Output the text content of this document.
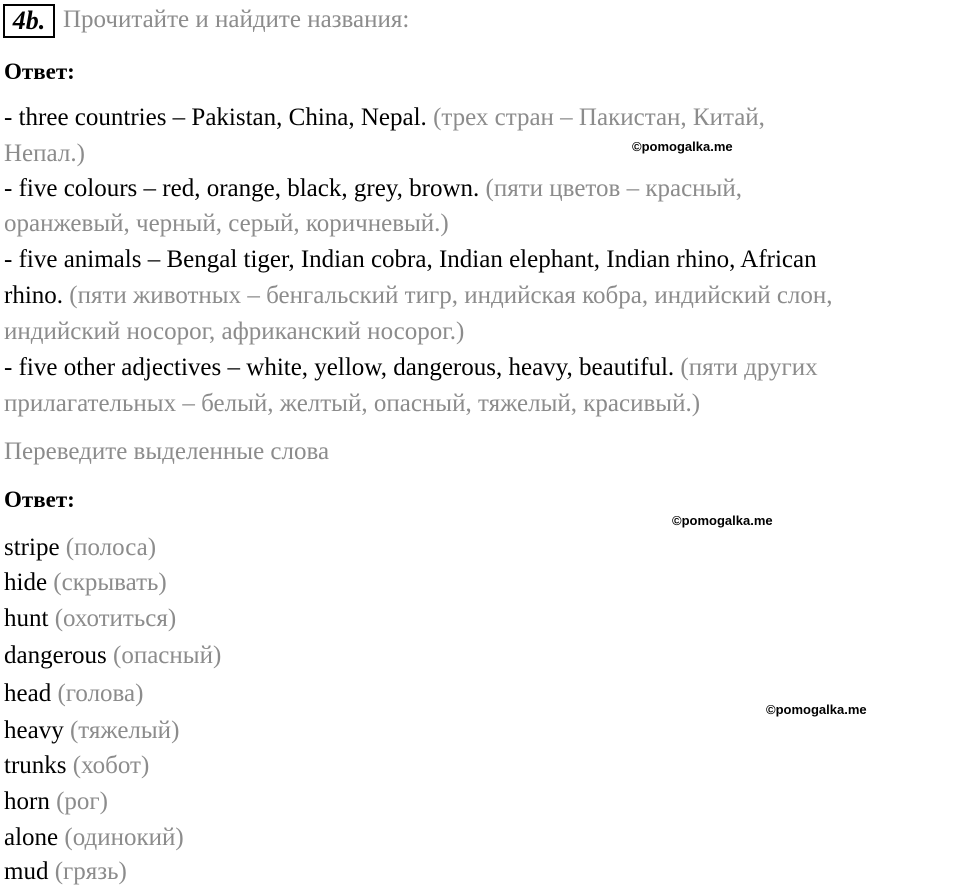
4b. Прочитайте и найдите названия:
Ответ:
- three countries – Pakistan, China, Nepal. (трех стран – Пакистан, Китай,
Непал.)
- five colours – red, orange, black, grey, brown. (пяти цветов – красный,
оранжевый, черный, серый, коричневый.)
- five animals – Bengal tiger, Indian cobra, Indian elephant, Indian rhino, African
rhino. (пяти животных – бенгальский тигр, индийская кобра, индийский слон,
индийский носорог, африканский носорог.)
- five other adjectives – white, yellow, dangerous, heavy, beautiful. (пяти других
прилагательных – белый, желтый, опасный, тяжелый, красивый.)
Переведите выделенные слова
Ответ:
stripe (полоса)
hide (скрывать)
hunt (охотиться)
dangerous (опасный)
head (голова)
heavy (тяжелый)
trunks (хобот)
horn (рог)
alone (одинокий)
mud (грязь)
©pomogalka.me
©pomogalka.me
©pomogalka.me
